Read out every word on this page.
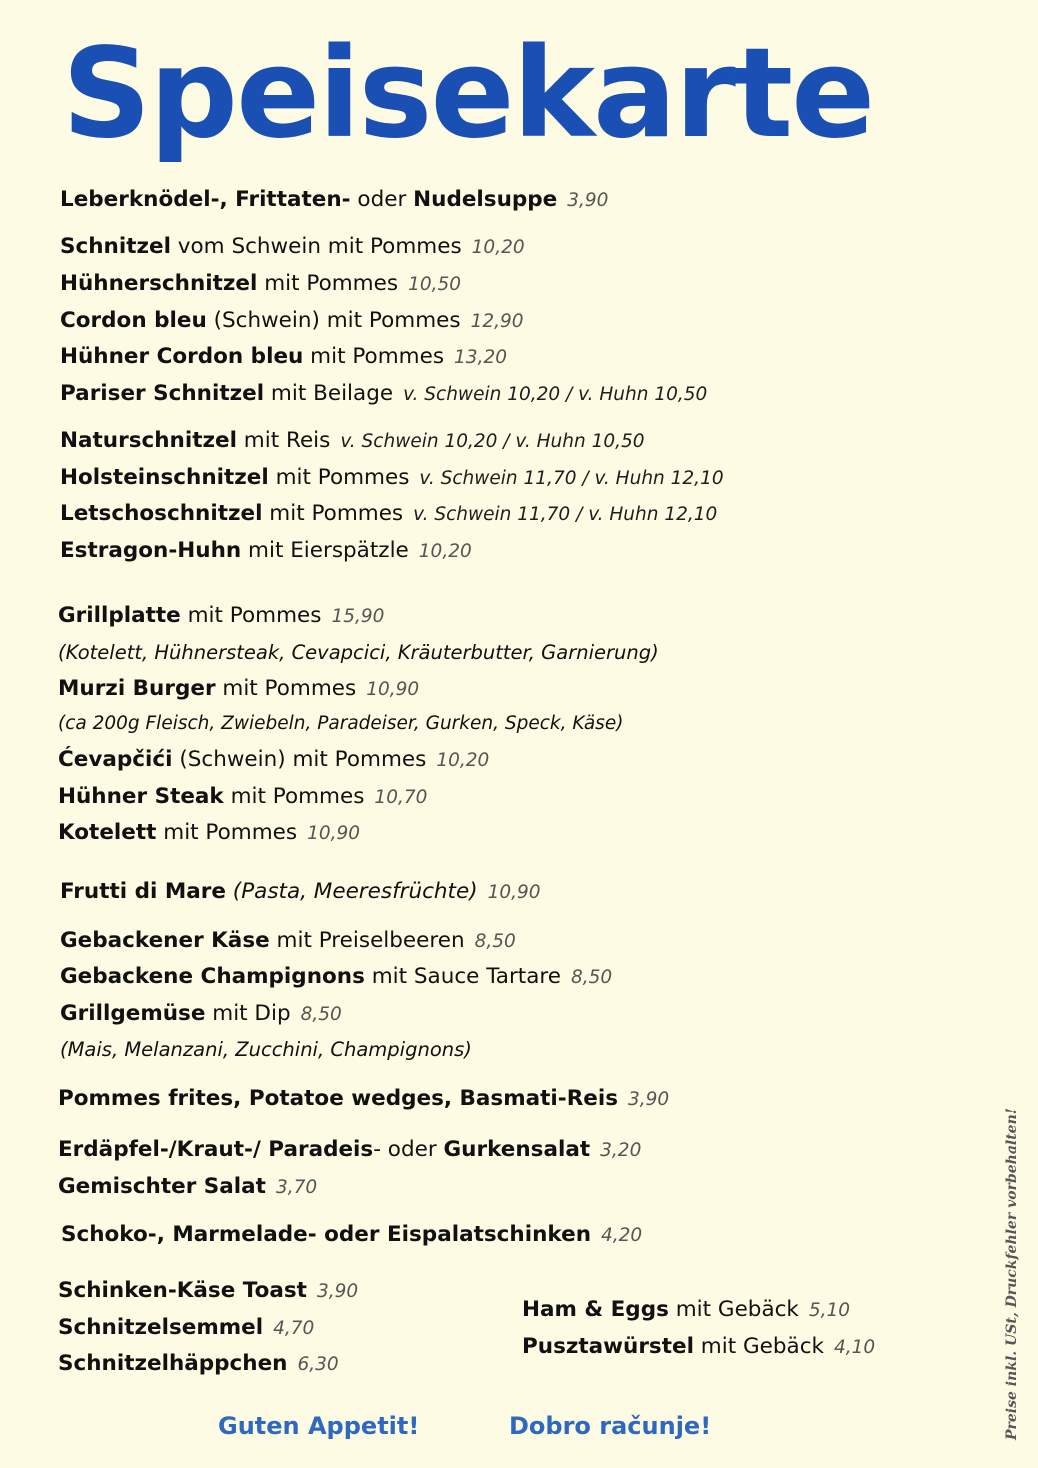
Speisekarte
Leberknödel-, Frittaten- oder Nudelsuppe 3,90
Schnitzel vom Schwein mit Pommes 10,20
Hühnerschnitzel mit Pommes 10,50
Cordon bleu (Schwein) mit Pommes 12,90
Hühner Cordon bleu mit Pommes 13,20
Pariser Schnitzel mit Beilage v. Schwein 10,20 / v. Huhn 10,50
Naturschnitzel mit Reis v. Schwein 10,20 / v. Huhn 10,50
Holsteinschnitzel mit Pommes v. Schwein 11,70 / v. Huhn 12,10
Letschoschnitzel mit Pommes v. Schwein 11,70 / v. Huhn 12,10
Estragon-Huhn mit Eierspätzle 10,20
Grillplatte mit Pommes 15,90
(Kotelett, Hühnersteak, Cevapcici, Kräuterbutter, Garnierung)
Murzi Burger mit Pommes 10,90
(ca 200g Fleisch, Zwiebeln, Paradeiser, Gurken, Speck, Käse)
Ćevapčići (Schwein) mit Pommes 10,20
Hühner Steak mit Pommes 10,70
Kotelett mit Pommes 10,90
Frutti di Mare (Pasta, Meeresfrüchte) 10,90
Gebackener Käse mit Preiselbeeren 8,50
Gebackene Champignons mit Sauce Tartare 8,50
Grillgemüse mit Dip 8,50
(Mais, Melanzani, Zucchini, Champignons)
Pommes frites, Potatoe wedges, Basmati-Reis 3,90
Erdäpfel-/Kraut-/ Paradeis- oder Gurkensalat 3,20
Gemischter Salat 3,70
Schoko-, Marmelade- oder Eispalatschinken 4,20
Schinken-Käse Toast 3,90
Schnitzelsemmel 4,70
Schnitzelhäppchen 6,30
Ham & Eggs mit Gebäck 5,10
Pusztawürstel mit Gebäck 4,10
Guten Appetit!	Dobro računje!	Preise inkl. USt, Druckfehler vorbehalten!
